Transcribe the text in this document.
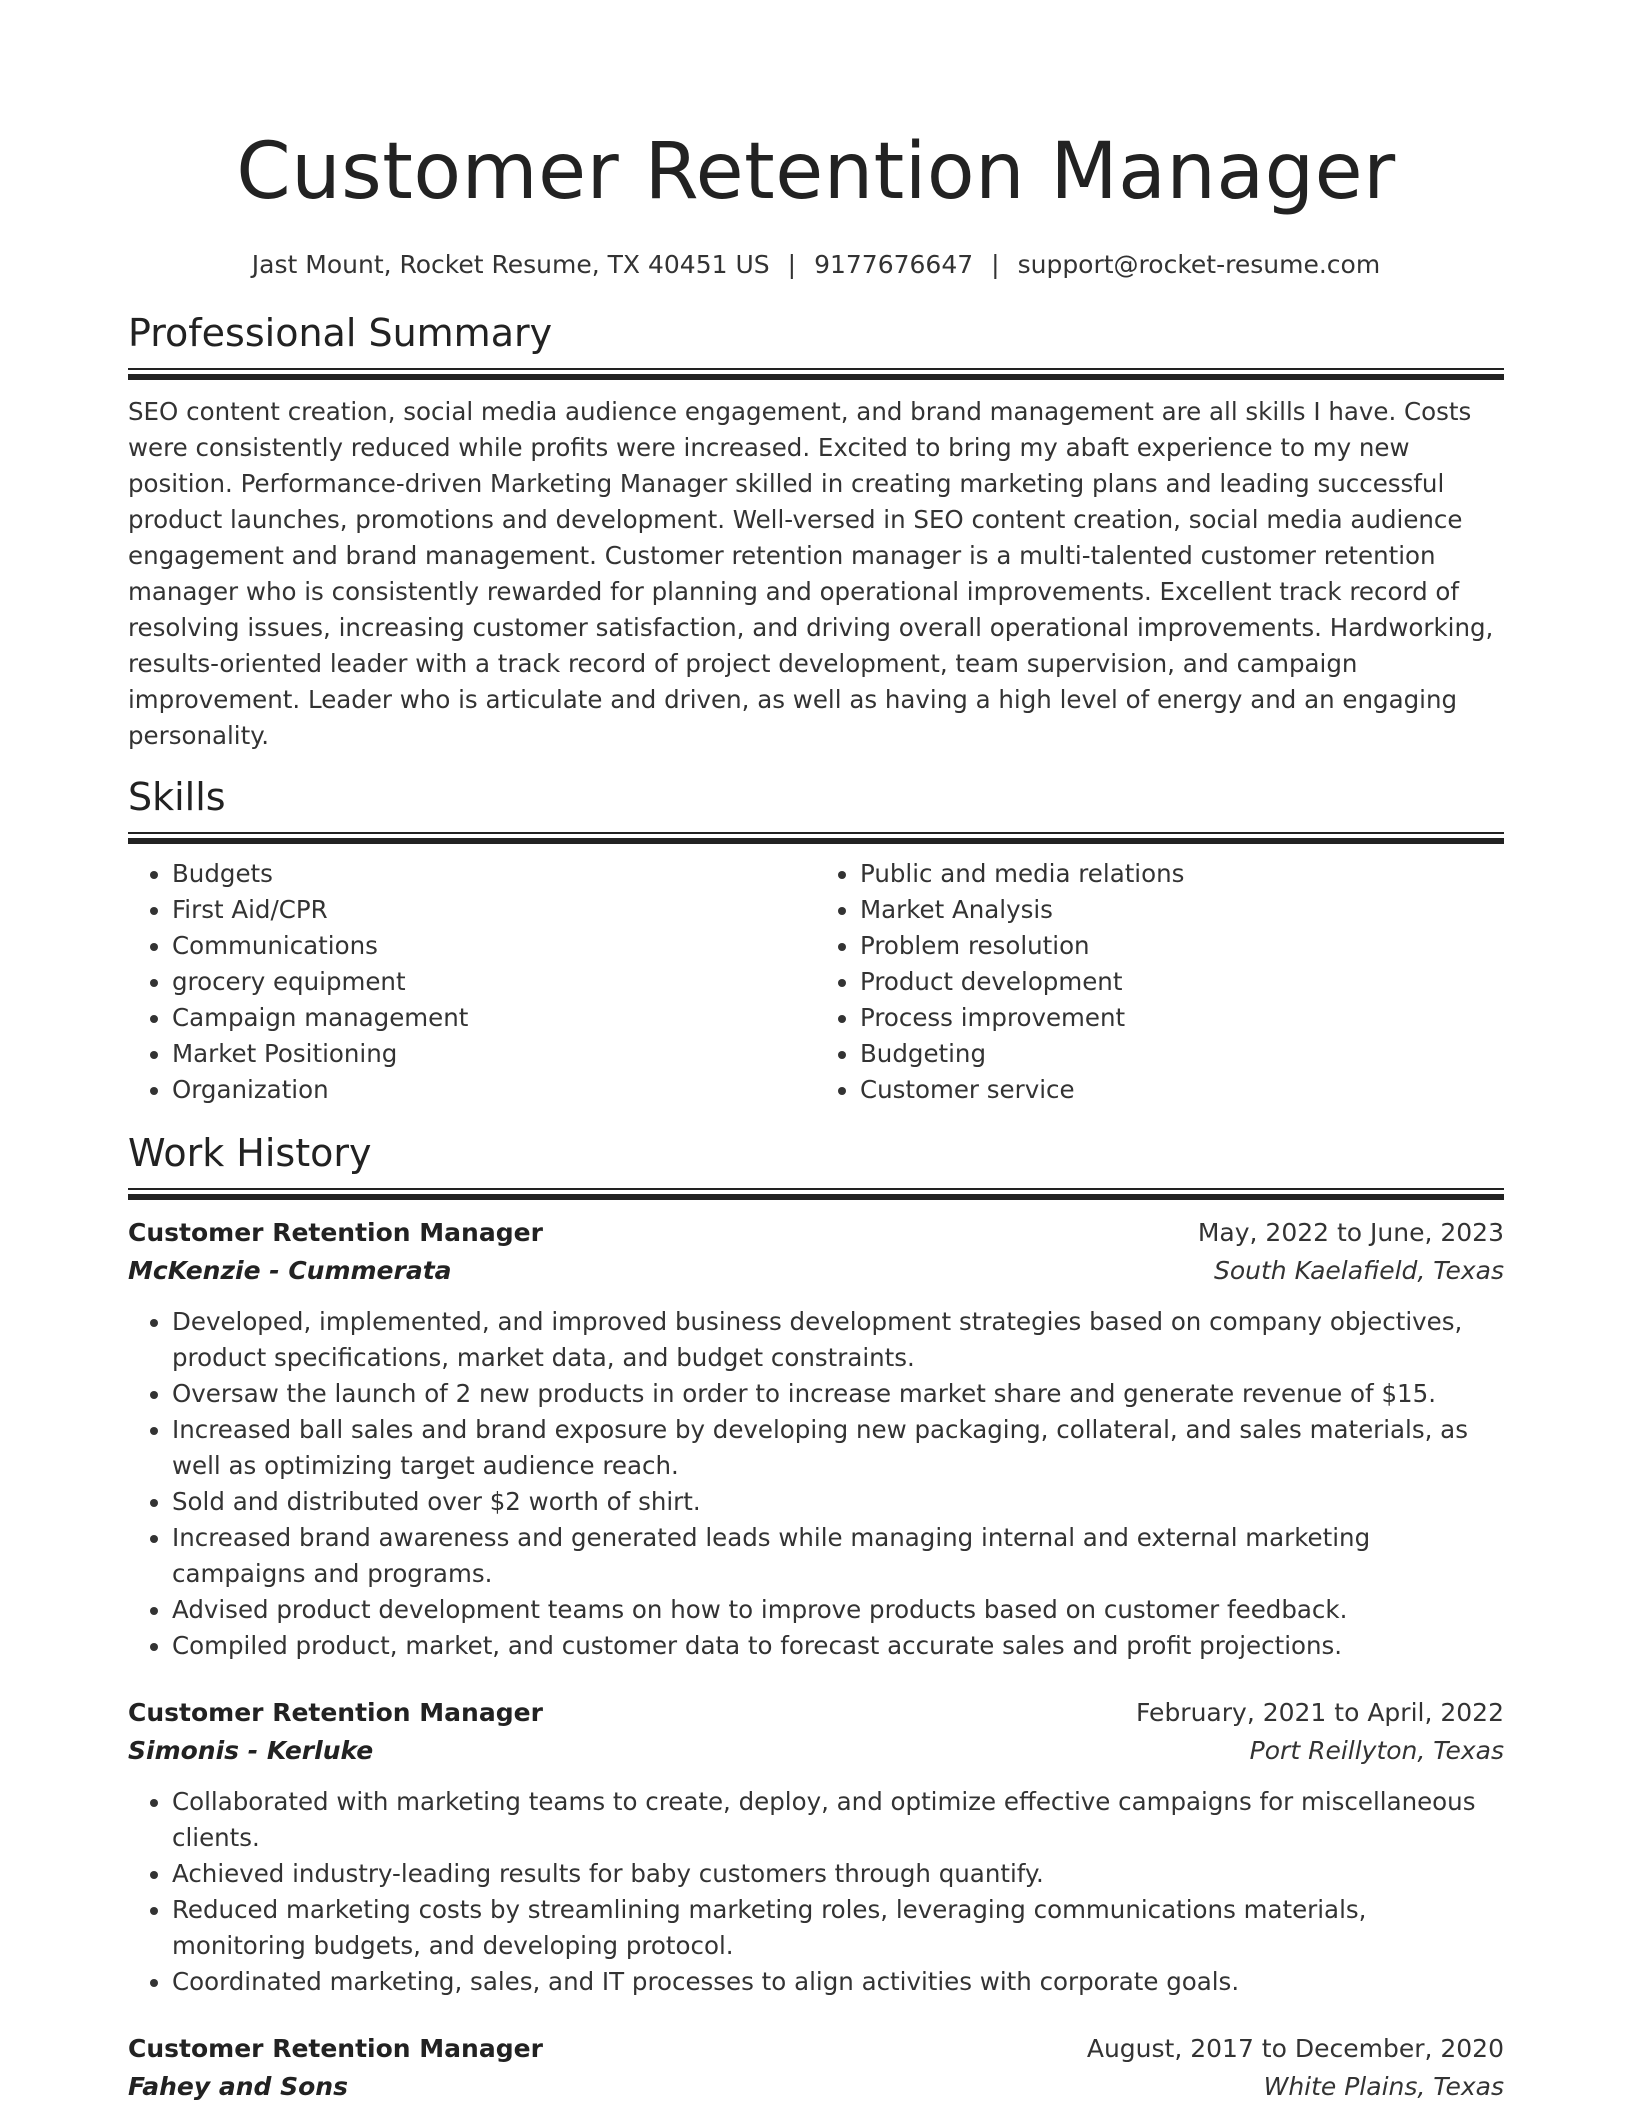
Customer Retention Manager
Jast Mount, Rocket Resume, TX 40451 US | 9177676647 | support@rocket-resume.com
Professional Summary

SEO content creation, social media audience engagement, and brand management are all skills I have. Costs were consistently reduced while profits were increased. Excited to bring my abaft experience to my new position. Performance-driven Marketing Manager skilled in creating marketing plans and leading successful product launches, promotions and development. Well-versed in SEO content creation, social media audience engagement and brand management. Customer retention manager is a multi-talented customer retention manager who is consistently rewarded for planning and operational improvements. Excellent track record of resolving issues, increasing customer satisfaction, and driving overall operational improvements. Hardworking, results-oriented leader with a track record of project development, team supervision, and campaign improvement. Leader who is articulate and driven, as well as having a high level of energy and an engaging personality.

Skills
• Budgets
• First Aid/CPR
• Communications
• grocery equipment
• Campaign management
• Market Positioning
• Organization
• Public and media relations
• Market Analysis
• Problem resolution
• Product development
• Process improvement
• Budgeting
• Customer service
Work History
Customer Retention Manager	May, 2022 to June, 2023
McKenzie - Cummerata	South Kaelafield, Texas
• Developed, implemented, and improved business development strategies based on company objectives, product specifications, market data, and budget constraints.
• Oversaw the launch of 2 new products in order to increase market share and generate revenue of $15.
• Increased ball sales and brand exposure by developing new packaging, collateral, and sales materials, as well as optimizing target audience reach.
• Sold and distributed over $2 worth of shirt.
• Increased brand awareness and generated leads while managing internal and external marketing campaigns and programs.
• Advised product development teams on how to improve products based on customer feedback.
• Compiled product, market, and customer data to forecast accurate sales and profit projections.
Customer Retention Manager	February, 2021 to April, 2022
Simonis - Kerluke	Port Reillyton, Texas
• Collaborated with marketing teams to create, deploy, and optimize effective campaigns for miscellaneous clients.
• Achieved industry-leading results for baby customers through quantify.
• Reduced marketing costs by streamlining marketing roles, leveraging communications materials, monitoring budgets, and developing protocol.
• Coordinated marketing, sales, and IT processes to align activities with corporate goals.
Customer Retention Manager	August, 2017 to December, 2020
Fahey and Sons	White Plains, Texas
